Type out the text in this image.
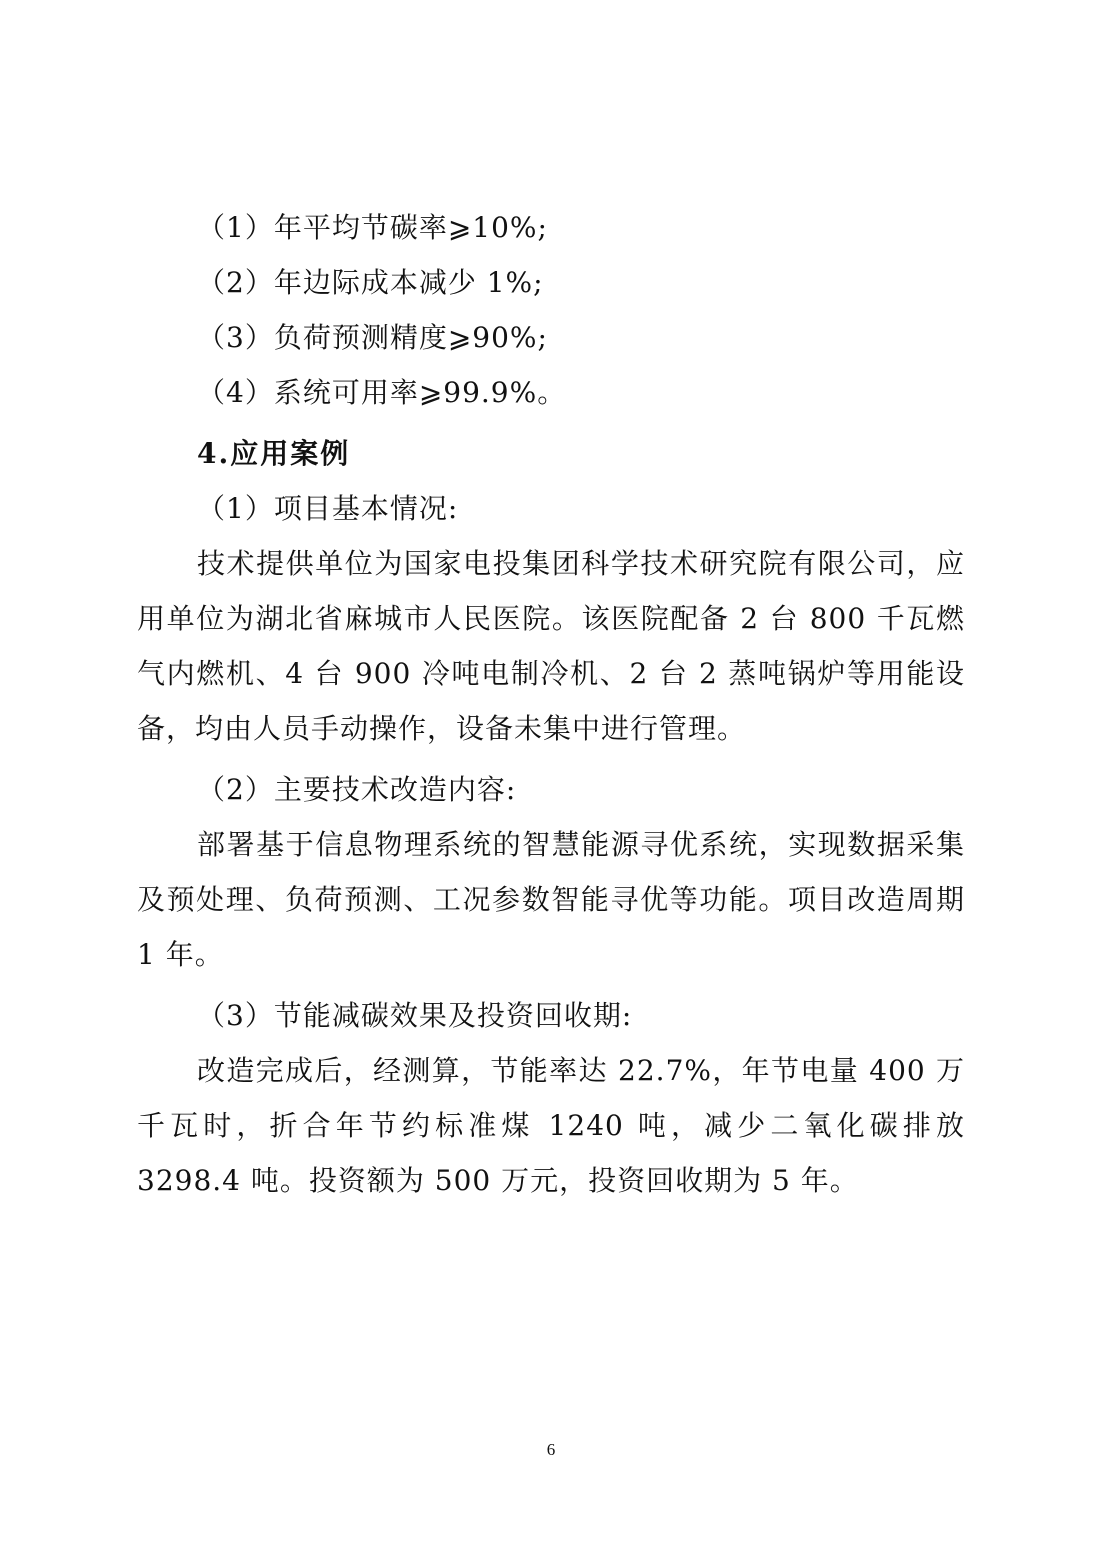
（1）年平均节碳率⩾10%;
（2）年边际成本减少 1%;
（3）负荷预测精度⩾90%;
（4）系统可用率⩾99.9%。
4.应用案例
（1）项目基本情况:

技术提供单位为国家电投集团科学技术研究院有限公司，应用单位为湖北省麻城市人民医院。该医院配备 2 台 800 千瓦燃气内燃机、4 台 900 冷吨电制冷机、2 台 2 蒸吨锅炉等用能设备，均由人员手动操作，设备未集中进行管理。

（2）主要技术改造内容:

部署基于信息物理系统的智慧能源寻优系统，实现数据采集及预处理、负荷预测、工况参数智能寻优等功能。项目改造周期 1 年。

（3）节能减碳效果及投资回收期:

改造完成后，经测算，节能率达 22.7%，年节电量 400 万千瓦时，折合年节约标准煤 1240 吨，减少二氧化碳排放 3298.4 吨。投资额为 500 万元，投资回收期为 5 年。

6
